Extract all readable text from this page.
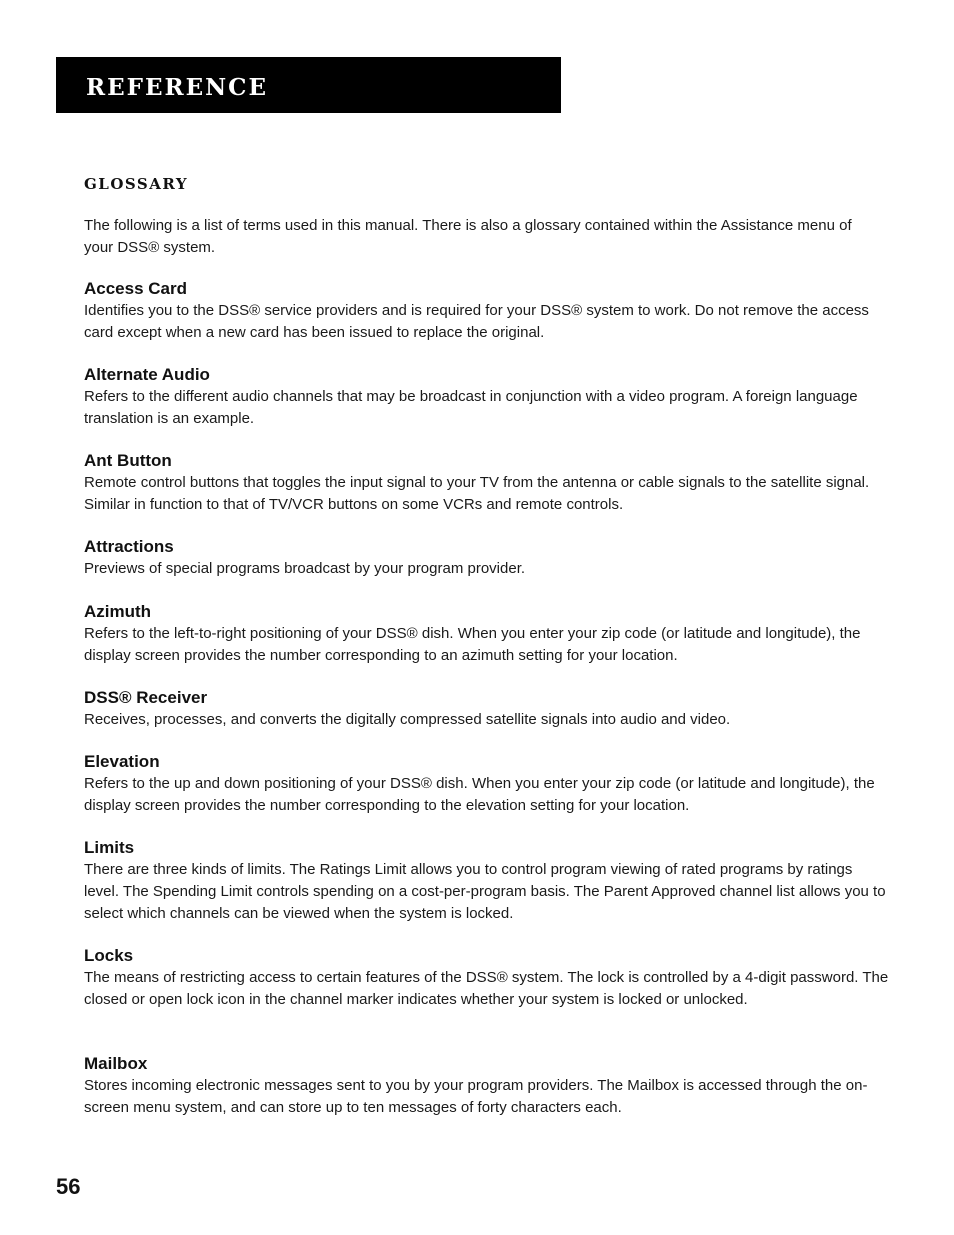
reference
glossary

The following is a list of terms used in this manual. There is also a glossary contained within the Assistance menu of your DSS® system.

Access Card

Identifies you to the DSS® service providers and is required for your DSS® system to work. Do not remove the access card except when a new card has been issued to replace the original.

Alternate Audio

Refers to the different audio channels that may be broadcast in conjunction with a video program. A foreign language translation is an example.

Ant Button

Remote control buttons that toggles the input signal to your TV from the antenna or cable signals to the satellite signal. Similar in function to that of TV/VCR buttons on some VCRs and remote controls.

Attractions

Previews of special programs broadcast by your program provider.

Azimuth

Refers to the left-to-right positioning of your DSS® dish. When you enter your zip code (or latitude and longitude), the display screen provides the number corresponding to an azimuth setting for your location.

DSS® Receiver

Receives, processes, and converts the digitally compressed satellite signals into audio and video.

Elevation

Refers to the up and down positioning of your DSS® dish. When you enter your zip code (or latitude and longitude), the display screen provides the number corresponding to the elevation setting for your location.

Limits

There are three kinds of limits. The Ratings Limit allows you to control program viewing of rated programs by ratings level. The Spending Limit controls spending on a cost-per-program basis. The Parent Approved channel list allows you to select which channels can be viewed when the system is locked.

Locks

The means of restricting access to certain features of the DSS® system. The lock is controlled by a 4-digit password. The closed or open lock icon in the channel marker indicates whether your system is locked or unlocked.

Mailbox

Stores incoming electronic messages sent to you by your program providers. The Mailbox is accessed through the on-screen menu system, and can store up to ten messages of forty characters each.

56
